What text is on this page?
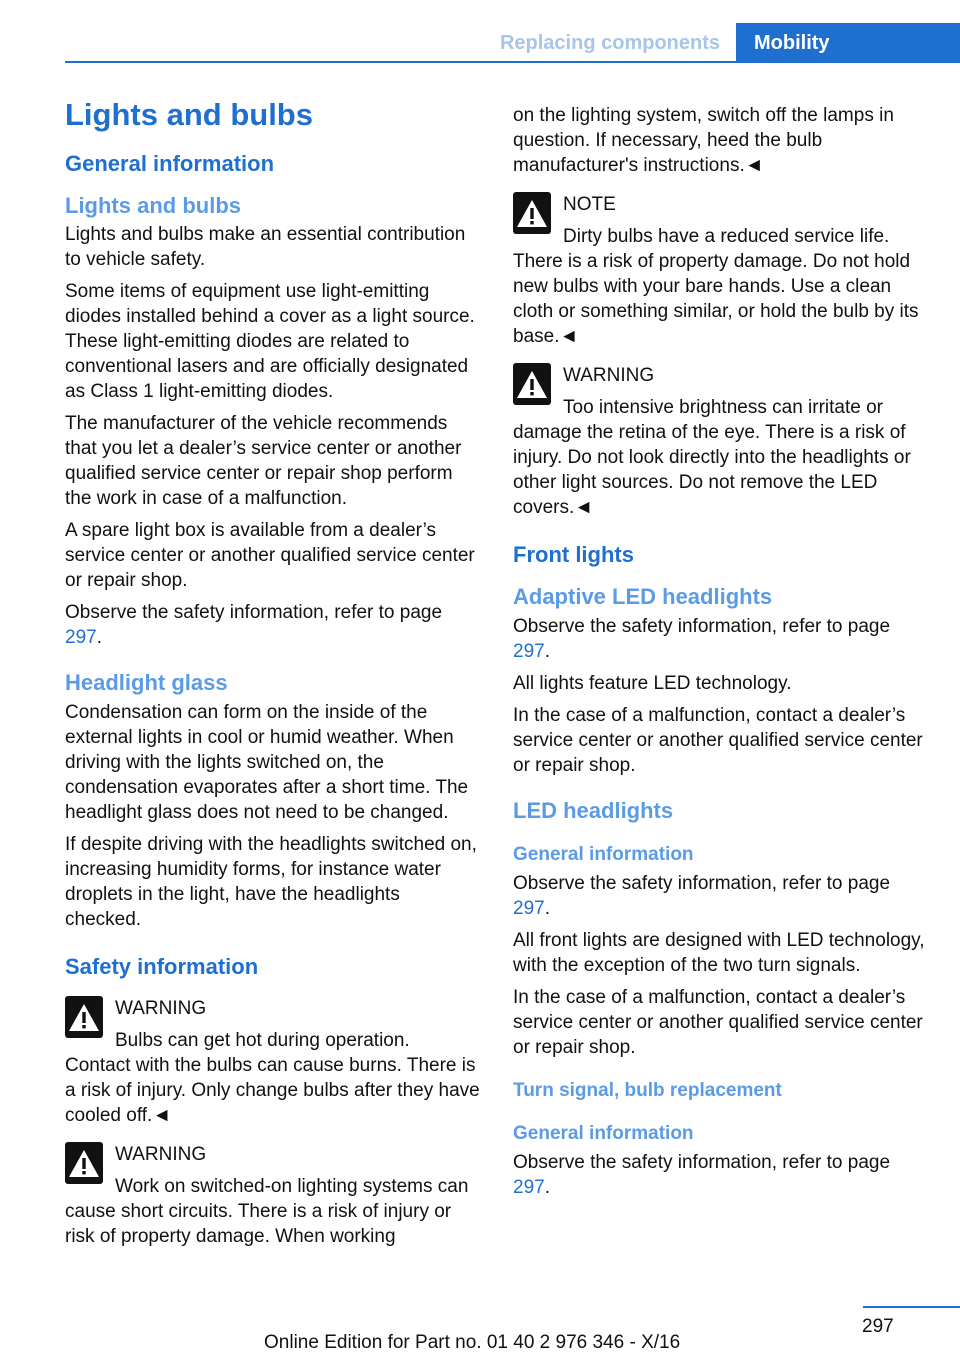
Replacing components	Mobility
Lights and bulbs
General information
Lights and bulbs

Lights and bulbs make an essential contribution to vehicle safety.

Some items of equipment use light-emitting diodes installed behind a cover as a light source. These light-emitting diodes are related to conventional lasers and are officially designated as Class 1 light-emitting diodes.

The manufacturer of the vehicle recommends that you let a dealer’s service center or another qualified service center or repair shop perform the work in case of a malfunction.

A spare light box is available from a dealer’s service center or another qualified service center or repair shop.

Observe the safety information, refer to page 297.

Headlight glass

Condensation can form on the inside of the external lights in cool or humid weather. When driving with the lights switched on, the condensation evaporates after a short time. The headlight glass does not need to be changed.

If despite driving with the headlights switched on, increasing humidity forms, for instance water droplets in the light, have the headlights checked.

Safety information
WARNING

Bulbs can get hot during operation. Contact with the bulbs can cause burns. There is a risk of injury. Only change bulbs after they have cooled off.◄

WARNING

Work on switched-on lighting systems can cause short circuits. There is a risk of injury or risk of property damage. When working

on the lighting system, switch off the lamps in question. If necessary, heed the bulb manufacturer's instructions.◄

NOTE

Dirty bulbs have a reduced service life. There is a risk of property damage. Do not hold new bulbs with your bare hands. Use a clean cloth or something similar, or hold the bulb by its base.◄

WARNING

Too intensive brightness can irritate or damage the retina of the eye. There is a risk of injury. Do not look directly into the headlights or other light sources. Do not remove the LED covers.◄

Front lights
Adaptive LED headlights

Observe the safety information, refer to page 297.

All lights feature LED technology.

In the case of a malfunction, contact a dealer’s service center or another qualified service center or repair shop.

LED headlights
General information

Observe the safety information, refer to page 297.

All front lights are designed with LED technology, with the exception of the two turn signals.

In the case of a malfunction, contact a dealer’s service center or another qualified service center or repair shop.

Turn signal, bulb replacement
General information

Observe the safety information, refer to page 297.

297
Online Edition for Part no. 01 40 2 976 346 - X/16
